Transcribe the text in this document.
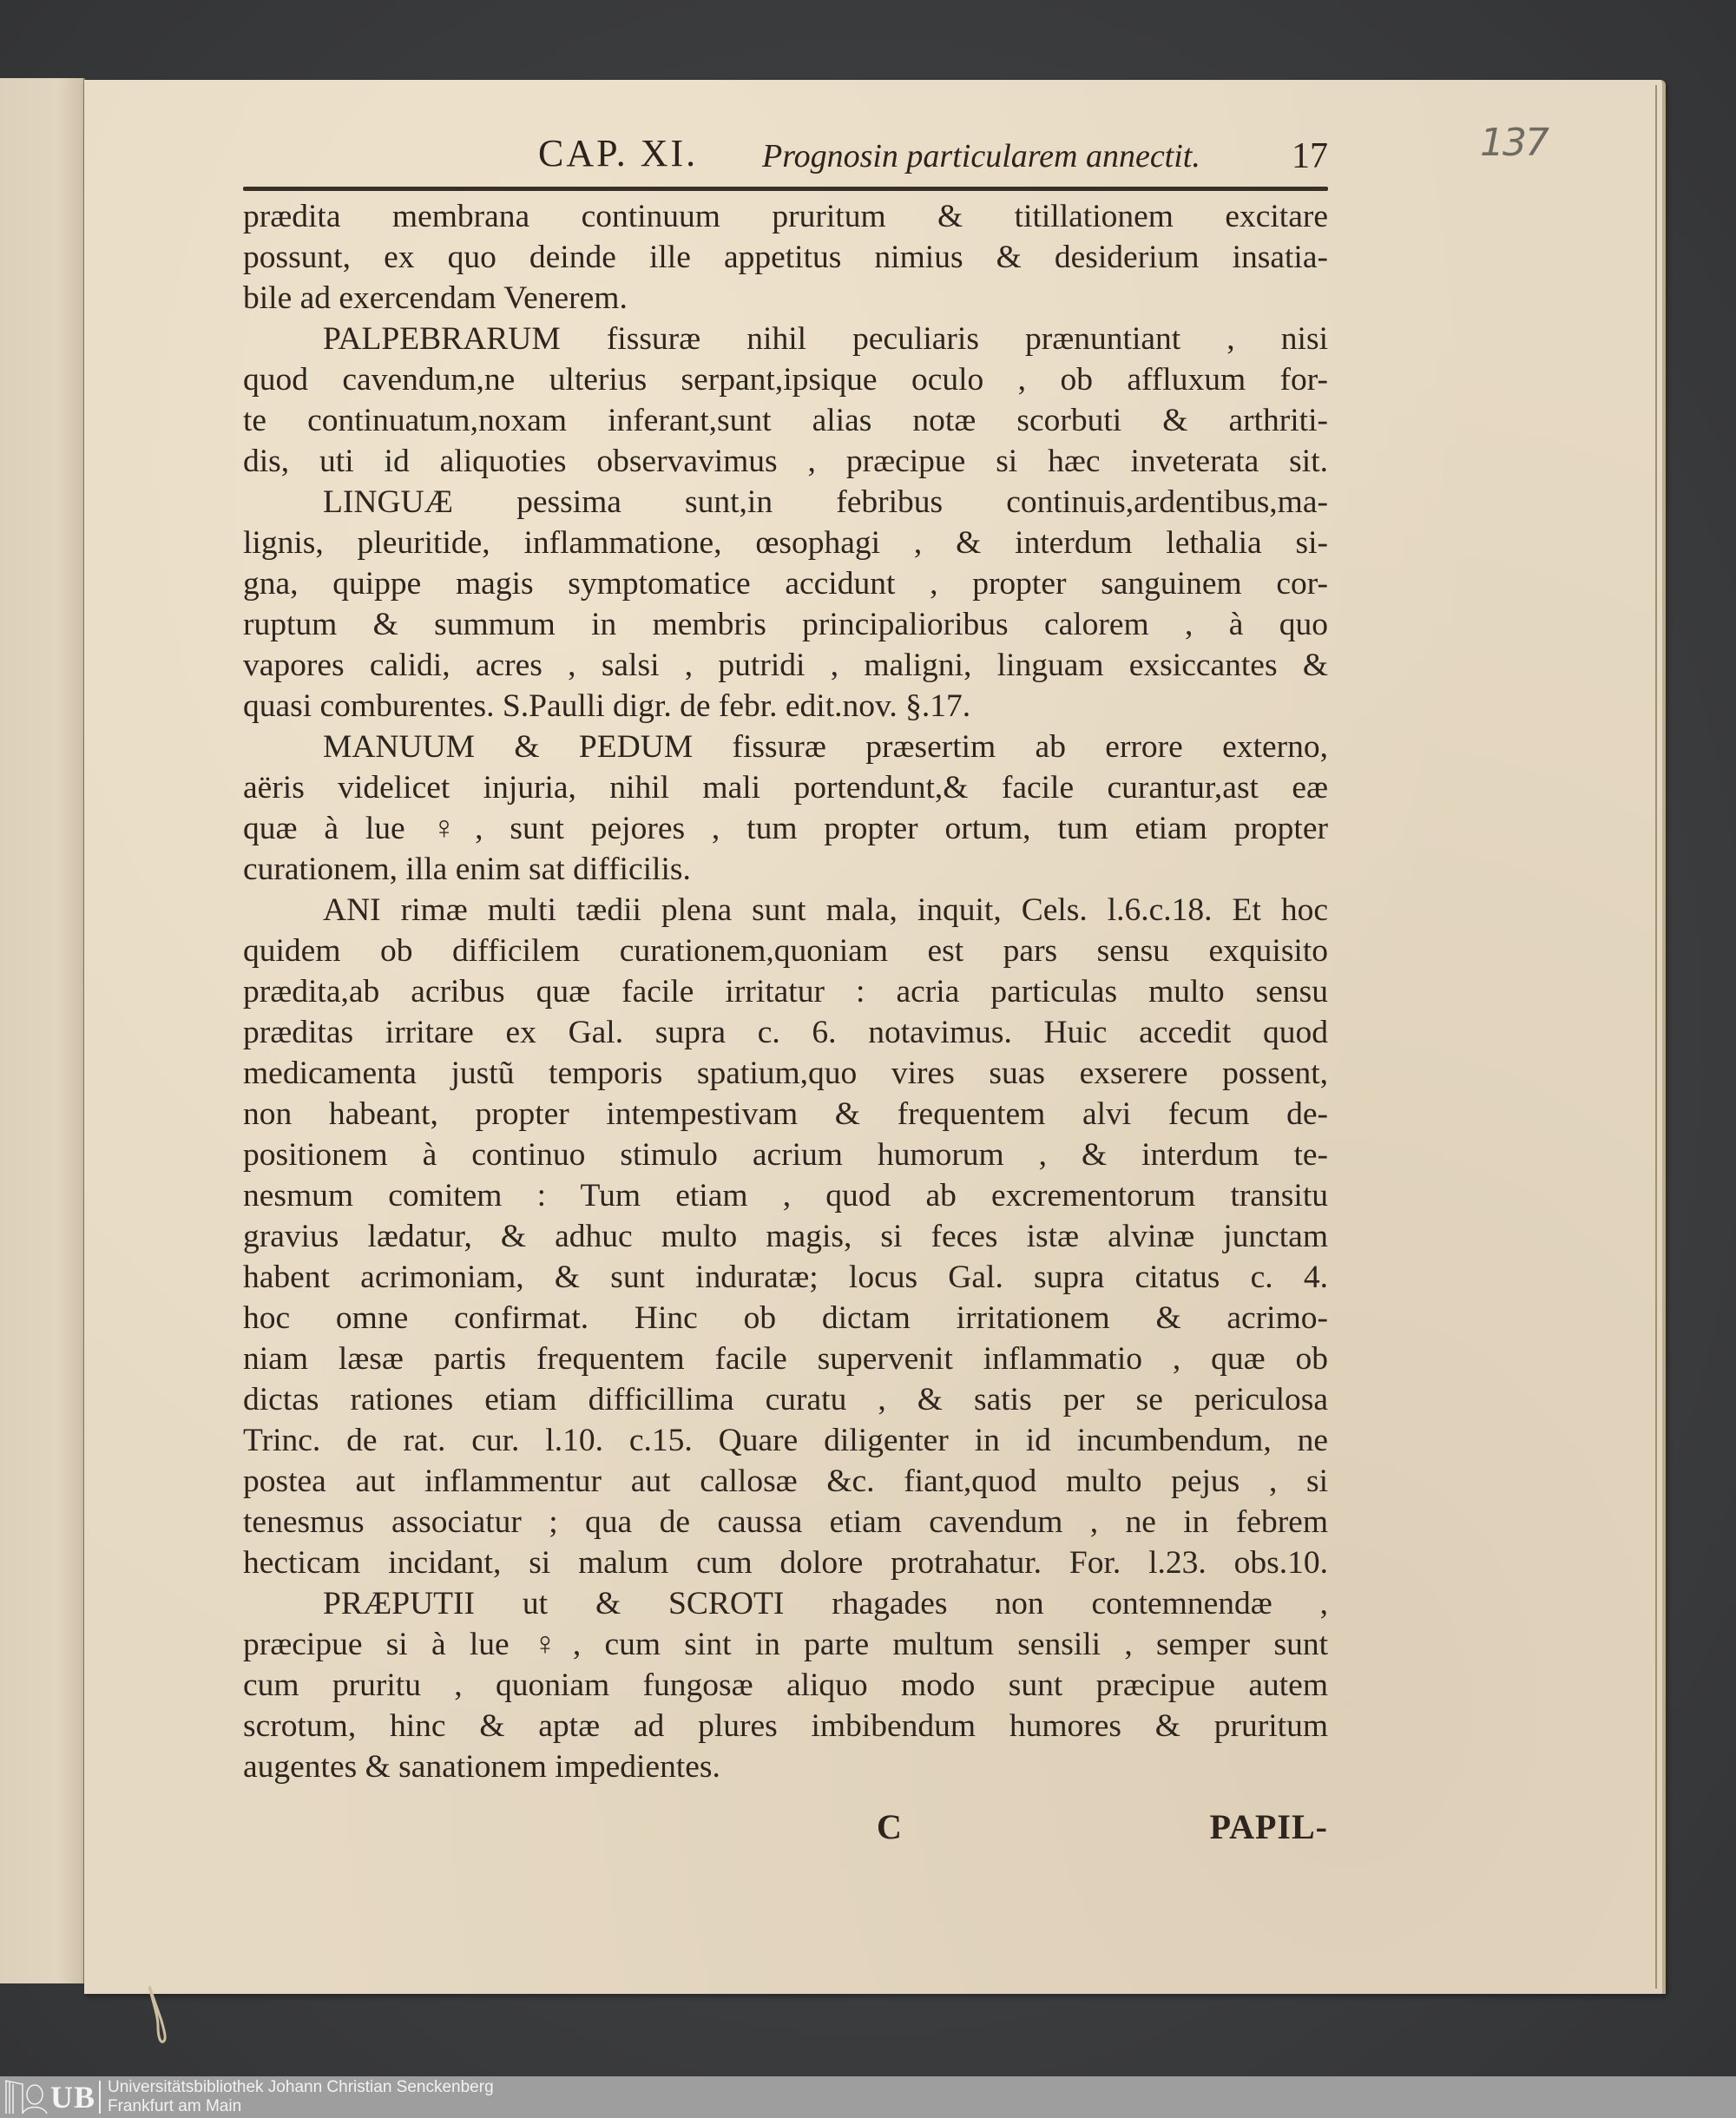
137
CAP. XI. Prognosin particularem annectit.	17
prædita membrana continuum pruritum & titillationem excitare
possunt, ex quo deinde ille appetitus nimius & desiderium insatia-
bile ad exercendam Venerem.
PALPEBRARUM fissuræ nihil peculiaris prænuntiant , nisi
quod cavendum,ne ulterius serpant,ipsique oculo , ob affluxum for-
te continuatum,noxam inferant,sunt alias notæ scorbuti & arthriti-
dis, uti id aliquoties observavimus , præcipue si hæc inveterata sit.
LINGUÆ pessima sunt,in febribus continuis,ardentibus,ma-
lignis, pleuritide, inflammatione, œsophagi , & interdum lethalia si-
gna, quippe magis symptomatice accidunt , propter sanguinem cor-
ruptum & summum in membris principalioribus calorem , à quo
vapores calidi, acres , salsi , putridi , maligni, linguam exsiccantes &
quasi comburentes. S.Paulli digr. de febr. edit.nov. §.17.
MANUUM & PEDUM fissuræ præsertim ab errore externo,
aëris videlicet injuria, nihil mali portendunt,& facile curantur,ast eæ
quæ à lue ♀, sunt pejores , tum propter ortum, tum etiam propter
curationem, illa enim sat difficilis.
ANI rimæ multi tædii plena sunt mala, inquit, Cels. l.6.c.18. Et hoc
quidem ob difficilem curationem,quoniam est pars sensu exquisito
prædita,ab acribus quæ facile irritatur : acria particulas multo sensu
præditas irritare ex Gal. supra c. 6. notavimus. Huic accedit quod
medicamenta justũ temporis spatium,quo vires suas exserere possent,
non habeant, propter intempestivam & frequentem alvi fecum de-
positionem à continuo stimulo acrium humorum , & interdum te-
nesmum comitem : Tum etiam , quod ab excrementorum transitu
gravius lædatur, & adhuc multo magis, si feces istæ alvinæ junctam
habent acrimoniam, & sunt induratæ; locus Gal. supra citatus c. 4.
hoc omne confirmat. Hinc ob dictam irritationem & acrimo-
niam læsæ partis frequentem facile supervenit inflammatio , quæ ob
dictas rationes etiam difficillima curatu , & satis per se periculosa
Trinc. de rat. cur. l.10. c.15. Quare diligenter in id incumbendum, ne
postea aut inflammentur aut callosæ &c. fiant,quod multo pejus , si
tenesmus associatur ; qua de caussa etiam cavendum , ne in febrem
hecticam incidant, si malum cum dolore protrahatur. For. l.23. obs.10.
PRÆPUTII ut & SCROTI rhagades non contemnendæ ,
præcipue si à lue ♀, cum sint in parte multum sensili , semper sunt
cum pruritu , quoniam fungosæ aliquo modo sunt præcipue autem
scrotum, hinc & aptæ ad plures imbibendum humores & pruritum
augentes & sanationem impedientes.
C	PAPIL-
UB Universitätsbibliothek Johann Christian Senckenberg
Frankfurt am Main
